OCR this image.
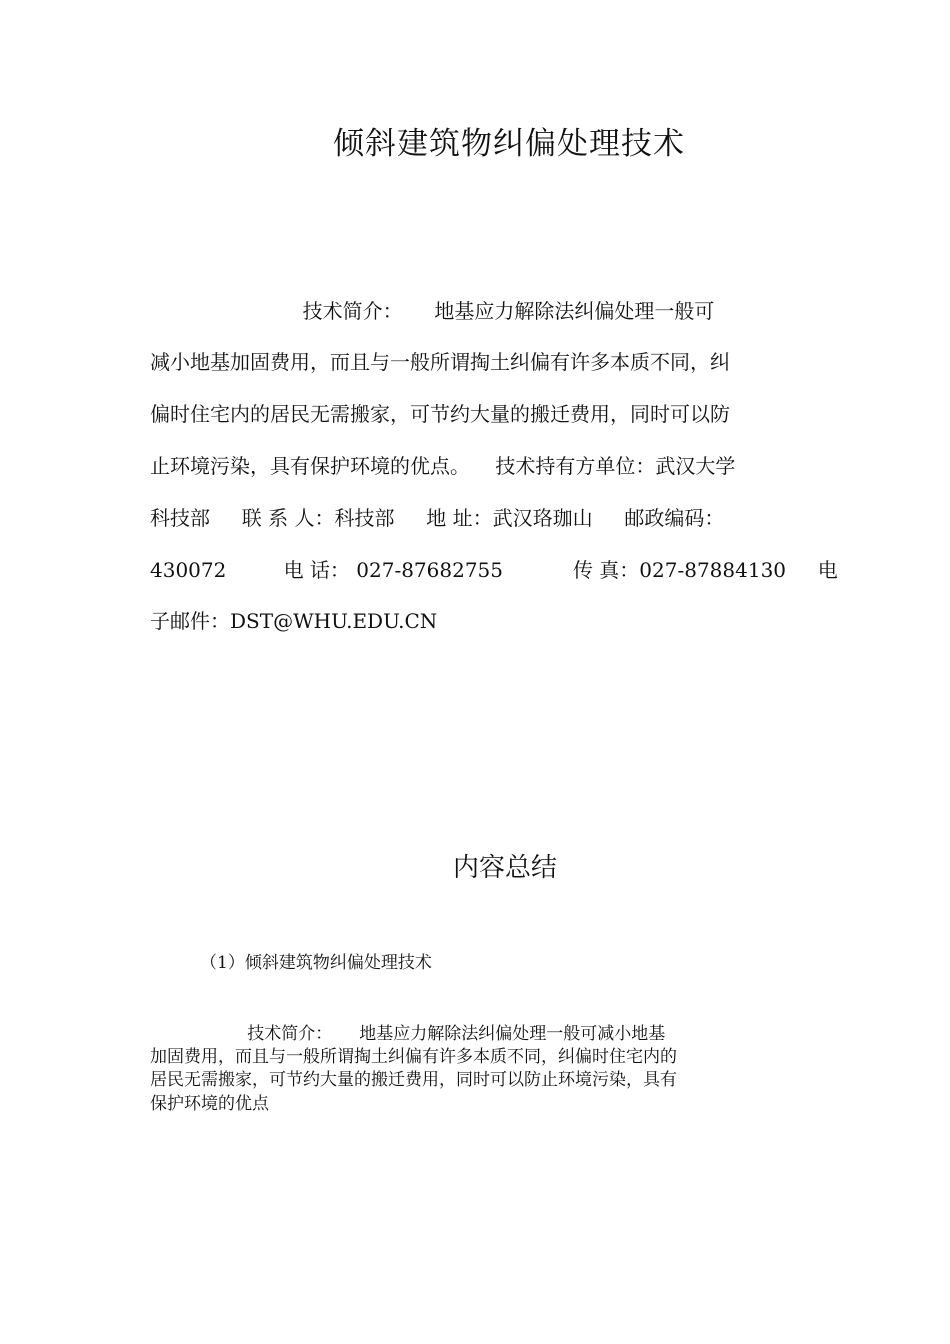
倾斜建筑物纠偏处理技术
技术简介：     地基应力解除法纠偏处理一般可
减小地基加固费用，而且与一般所谓掏土纠偏有许多本质不同，纠
偏时住宅内的居民无需搬家，可节约大量的搬迁费用，同时可以防
止环境污染，具有保护环境的优点。    技术持有方单位：武汉大学
科技部     联 系 人：科技部     地 址：武汉珞珈山     邮政编码：
430072         电 话： 027-87682755           传 真：027-87884130     电
子邮件：DST@WHU.EDU.CN
内容总结
（1）倾斜建筑物纠偏处理技术
技术简介：     地基应力解除法纠偏处理一般可减小地基
加固费用，而且与一般所谓掏土纠偏有许多本质不同，纠偏时住宅内的
居民无需搬家，可节约大量的搬迁费用，同时可以防止环境污染，具有
保护环境的优点
